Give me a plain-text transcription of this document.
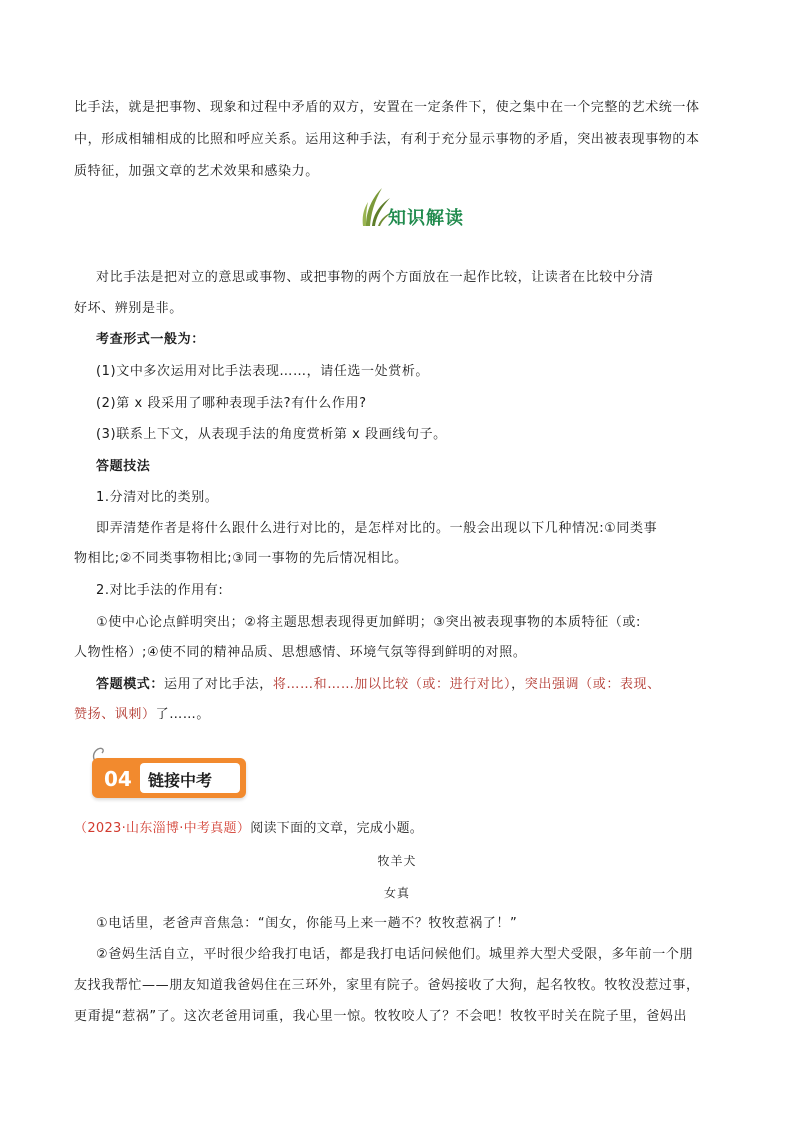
比手法，就是把事物、现象和过程中矛盾的双方，安置在一定条件下，使之集中在一个完整的艺术统一体

中，形成相辅相成的比照和呼应关系。运用这种手法，有利于充分显示事物的矛盾，突出被表现事物的本

质特征，加强文章的艺术效果和感染力。

知识解读

对比手法是把对立的意思或事物、或把事物的两个方面放在一起作比较，让读者在比较中分清

好坏、辨别是非。

考查形式一般为：

(1)文中多次运用对比手法表现……，请任选一处赏析。

(2)第 x 段采用了哪种表现手法?有什么作用?

(3)联系上下文，从表现手法的角度赏析第 x 段画线句子。

答题技法

1.分清对比的类别。

即弄清楚作者是将什么跟什么进行对比的，是怎样对比的。一般会出现以下几种情况:①同类事

物相比;②不同类事物相比;③同一事物的先后情况相比。

2.对比手法的作用有:

①使中心论点鲜明突出；②将主题思想表现得更加鲜明；③突出被表现事物的本质特征（或:

人物性格）;④使不同的精神品质、思想感情、环境气氛等得到鲜明的对照。

答题模式：运用了对比手法，将……和……加以比较（或：进行对比），突出强调（或：表现、

赞扬、讽刺）了……。

04 链接中考

（2023·山东淄博·中考真题）阅读下面的文章，完成小题。

牧羊犬

女真

①电话里，老爸声音焦急：“闺女，你能马上来一趟不？牧牧惹祸了！”

②爸妈生活自立，平时很少给我打电话，都是我打电话问候他们。城里养大型犬受限，多年前一个朋

友找我帮忙——朋友知道我爸妈住在三环外，家里有院子。爸妈接收了大狗，起名牧牧。牧牧没惹过事，

更甭提“惹祸”了。这次老爸用词重，我心里一惊。牧牧咬人了？不会吧！牧牧平时关在院子里，爸妈出
